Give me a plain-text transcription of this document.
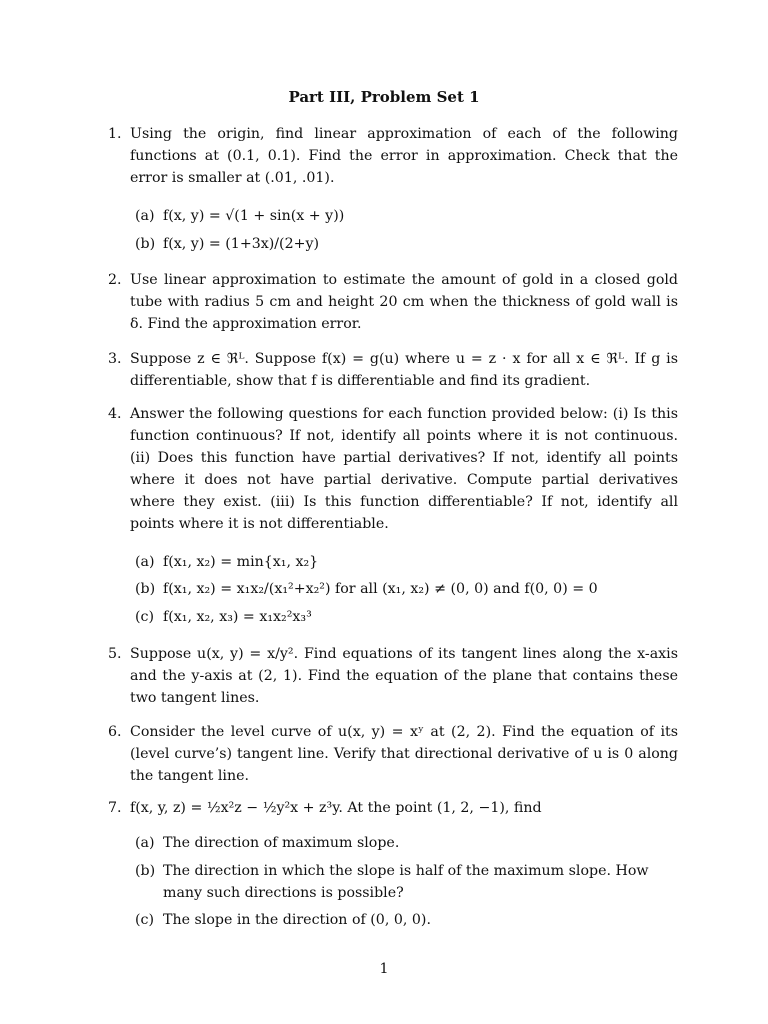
Part III, Problem Set 1
1. Using the origin, find linear approximation of each of the following functions at (0.1, 0.1). Find the error in approximation. Check that the error is smaller at (.01, .01).
(a) f(x, y) = √(1 + sin(x + y))
(b) f(x, y) = (1+3x)/(2+y)
2. Use linear approximation to estimate the amount of gold in a closed gold tube with radius 5 cm and height 20 cm when the thickness of gold wall is δ. Find the approximation error.
3. Suppose z ∈ ℜᴸ. Suppose f(x) = g(u) where u = z · x for all x ∈ ℜᴸ. If g is differentiable, show that f is differentiable and find its gradient.
4. Answer the following questions for each function provided below: (i) Is this function continuous? If not, identify all points where it is not continuous. (ii) Does this function have partial derivatives? If not, identify all points where it does not have partial derivative. Compute partial derivatives where they exist. (iii) Is this function differentiable? If not, identify all points where it is not differentiable.
(a) f(x₁, x₂) = min{x₁, x₂}
(b) f(x₁, x₂) = x₁x₂/(x₁²+x₂²) for all (x₁, x₂) ≠ (0, 0) and f(0, 0) = 0
(c) f(x₁, x₂, x₃) = x₁x₂²x₃³
5. Suppose u(x, y) = x/y². Find equations of its tangent lines along the x-axis and the y-axis at (2, 1). Find the equation of the plane that contains these two tangent lines.
6. Consider the level curve of u(x, y) = xʸ at (2, 2). Find the equation of its (level curve’s) tangent line. Verify that directional derivative of u is 0 along the tangent line.
7. f(x, y, z) = ½x²z − ½y²x + z³y. At the point (1, 2, −1), find
(a) The direction of maximum slope.
(b) The direction in which the slope is half of the maximum slope. How many such directions is possible?
(c) The slope in the direction of (0, 0, 0).
1
